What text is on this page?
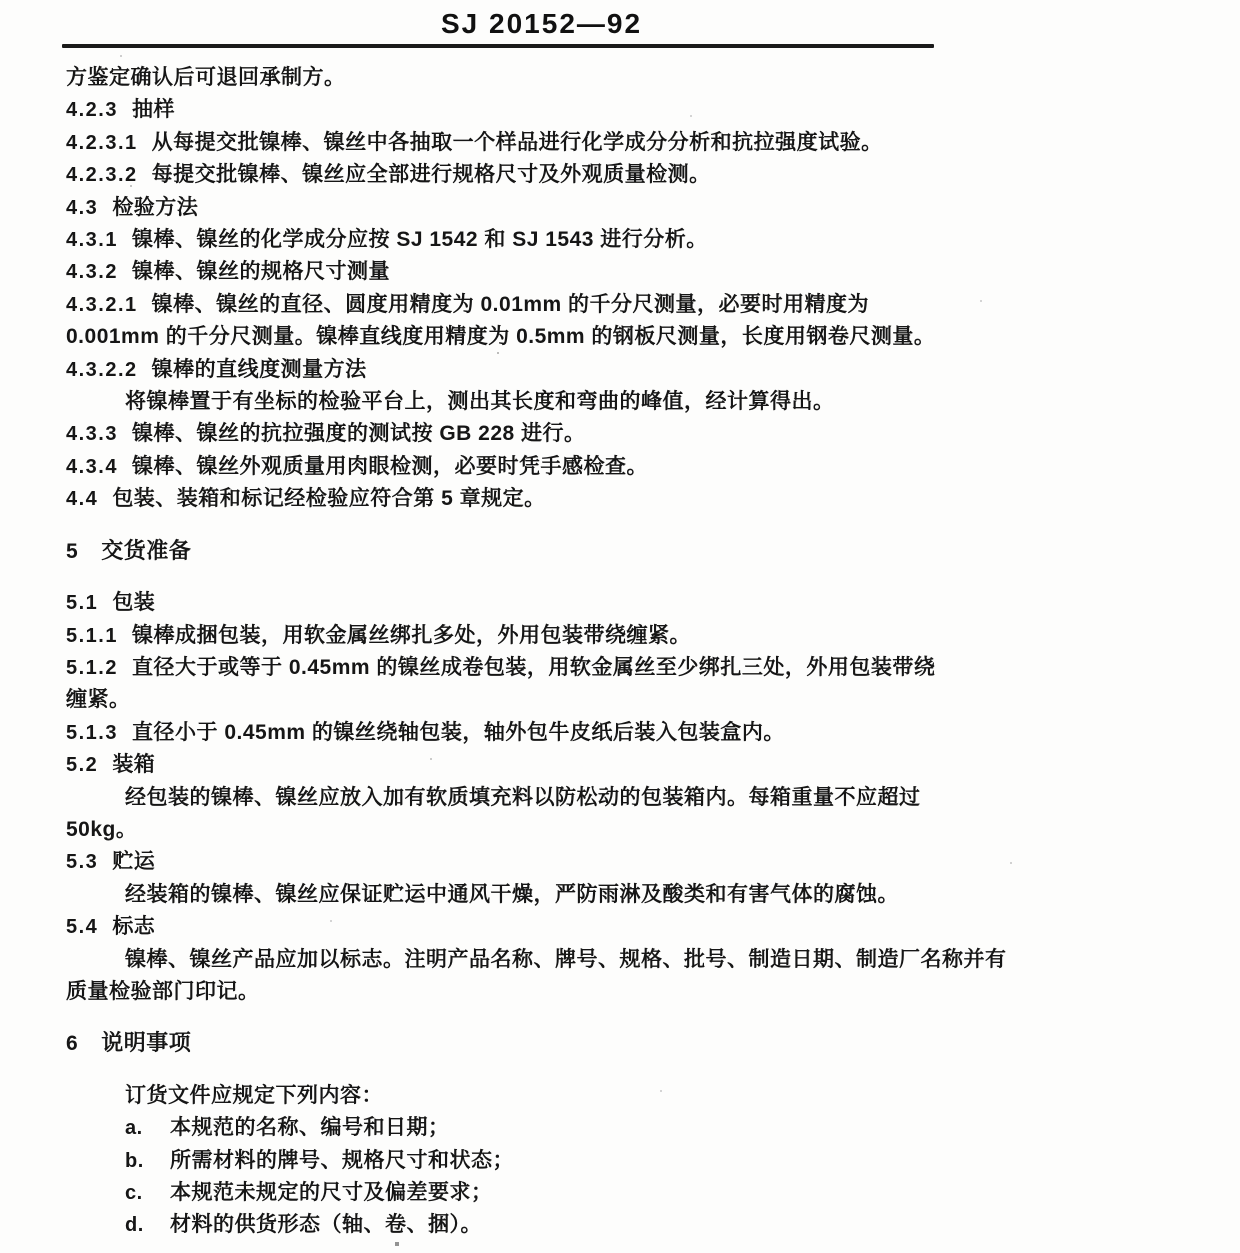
SJ 20152—92
方鉴定确认后可退回承制方。
4.2.3 抽样
4.2.3.1 从每提交批镍棒、镍丝中各抽取一个样品进行化学成分分析和抗拉强度试验。
4.2.3.2 每提交批镍棒、镍丝应全部进行规格尺寸及外观质量检测。
4.3 检验方法
4.3.1 镍棒、镍丝的化学成分应按 SJ 1542 和 SJ 1543 进行分析。
4.3.2 镍棒、镍丝的规格尺寸测量
4.3.2.1 镍棒、镍丝的直径、圆度用精度为 0.01mm 的千分尺测量，必要时用精度为
0.001mm 的千分尺测量。镍棒直线度用精度为 0.5mm 的钢板尺测量，长度用钢卷尺测量。
4.3.2.2 镍棒的直线度测量方法
将镍棒置于有坐标的检验平台上，测出其长度和弯曲的峰值，经计算得出。
4.3.3 镍棒、镍丝的抗拉强度的测试按 GB 228 进行。
4.3.4 镍棒、镍丝外观质量用肉眼检测，必要时凭手感检查。
4.4 包装、装箱和标记经检验应符合第 5 章规定。
5 交货准备
5.1 包装
5.1.1 镍棒成捆包装，用软金属丝绑扎多处，外用包装带绕缠紧。
5.1.2 直径大于或等于 0.45mm 的镍丝成卷包装，用软金属丝至少绑扎三处，外用包装带绕
缠紧。
5.1.3 直径小于 0.45mm 的镍丝绕轴包装，轴外包牛皮纸后装入包装盒内。
5.2 装箱
经包装的镍棒、镍丝应放入加有软质填充料以防松动的包装箱内。每箱重量不应超过
50kg。
5.3 贮运
经装箱的镍棒、镍丝应保证贮运中通风干燥，严防雨淋及酸类和有害气体的腐蚀。
5.4 标志
镍棒、镍丝产品应加以标志。注明产品名称、牌号、规格、批号、制造日期、制造厂名称并有
质量检验部门印记。
6 说明事项
订货文件应规定下列内容：
a. 本规范的名称、编号和日期；
b. 所需材料的牌号、规格尺寸和状态；
c. 本规范未规定的尺寸及偏差要求；
d. 材料的供货形态（轴、卷、捆）。
